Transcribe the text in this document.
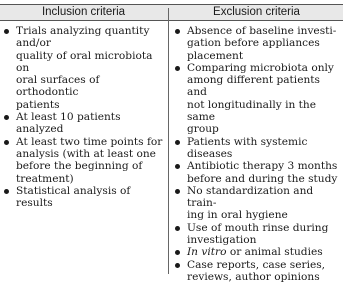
Inclusion criteria	Exclusion criteria
Trials analyzing quantity and/or
quality of oral microbiota on
oral surfaces of orthodontic
patients
At least 10 patients analyzed
At least two time points for
analysis (with at least one
before the beginning of
treatment)
Statistical analysis of results
Absence of baseline investi-
gation before appliances
placement
Comparing microbiota only
among different patients and
not longitudinally in the same
group
Patients with systemic
diseases
Antibiotic therapy 3 months
before and during the study
No standardization and train-
ing in oral hygiene
Use of mouth rinse during
investigation
In vitro or animal studies
Case reports, case series,
reviews, author opinions
